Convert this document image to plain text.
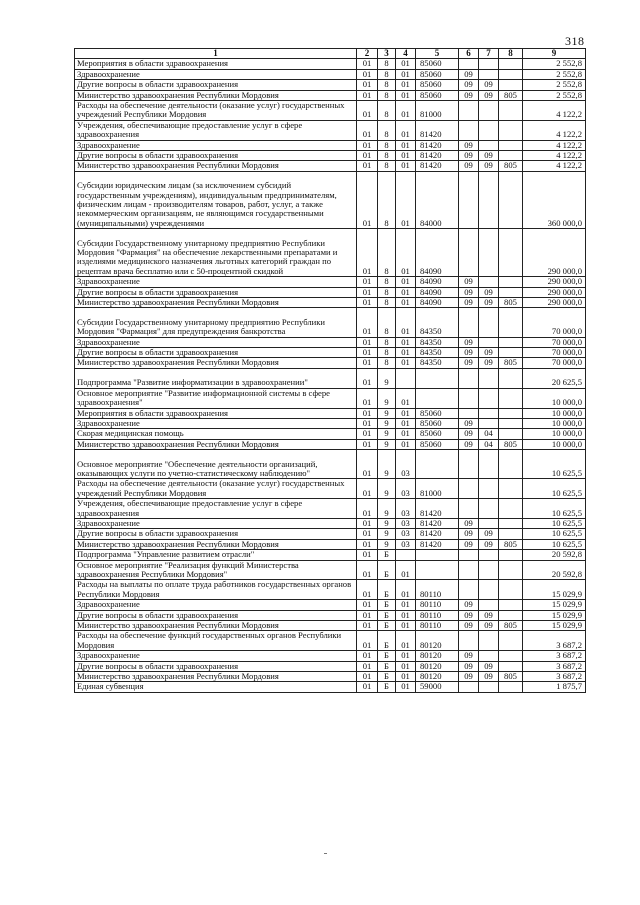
318
1	2	3	4	5	6	7	8	9
Мероприятия в области здравоохранения	01	8	01	85060				2 552,8
Здравоохранение	01	8	01	85060	09			2 552,8
Другие вопросы в области здравоохранения	01	8	01	85060	09	09		2 552,8
Министерство здравоохранения Республики Мордовия	01	8	01	85060	09	09	805	2 552,8
Расходы на обеспечение деятельности (оказание услуг) государственных учреждений Республики Мордовия	01	8	01	81000				4 122,2
Учреждения, обеспечивающие предоставление услуг в сфере здравоохранения	01	8	01	81420				4 122,2
Здравоохранение	01	8	01	81420	09			4 122,2
Другие вопросы в области здравоохранения	01	8	01	81420	09	09		4 122,2
Министерство здравоохранения Республики Мордовия	01	8	01	81420	09	09	805	4 122,2
Субсидии юридическим лицам (за исключением субсидий государственным учреждениям), индивидуальным предпринимателям, физическим лицам - производителям товаров, работ, услуг, а также некоммерческим организациям, не являющимся государственными (муниципальными) учреждениями	01	8	01	84000				360 000,0
Субсидии Государственному унитарному предприятию Республики Мордовия "Фармация" на обеспечение лекарственными препаратами и изделиями медицинского назначения льготных категорий граждан по рецептам врача бесплатно или с 50-процентной скидкой	01	8	01	84090				290 000,0
Здравоохранение	01	8	01	84090	09			290 000,0
Другие вопросы в области здравоохранения	01	8	01	84090	09	09		290 000,0
Министерство здравоохранения Республики Мордовия	01	8	01	84090	09	09	805	290 000,0
Субсидии Государственному унитарному предприятию Республики Мордовия "Фармация" для предупреждения банкротства	01	8	01	84350				70 000,0
Здравоохранение	01	8	01	84350	09			70 000,0
Другие вопросы в области здравоохранения	01	8	01	84350	09	09		70 000,0
Министерство здравоохранения Республики Мордовия	01	8	01	84350	09	09	805	70 000,0
Подпрограмма "Развитие информатизации в здравоохранении"	01	9						20 625,5
Основное мероприятие "Развитие информационной системы в сфере здравоохранения"	01	9	01					10 000,0
Мероприятия в области здравоохранения	01	9	01	85060				10 000,0
Здравоохранение	01	9	01	85060	09			10 000,0
Скорая медицинская помощь	01	9	01	85060	09	04		10 000,0
Министерство здравоохранения Республики Мордовия	01	9	01	85060	09	04	805	10 000,0
Основное мероприятие "Обеспечение деятельности организаций, оказывающих услуги по учетно-статистическому наблюдению"	01	9	03					10 625,5
Расходы на обеспечение деятельности (оказание услуг) государственных учреждений Республики Мордовия	01	9	03	81000				10 625,5
Учреждения, обеспечивающие предоставление услуг в сфере здравоохранения	01	9	03	81420				10 625,5
Здравоохранение	01	9	03	81420	09			10 625,5
Другие вопросы в области здравоохранения	01	9	03	81420	09	09		10 625,5
Министерство здравоохранения Республики Мордовия	01	9	03	81420	09	09	805	10 625,5
Подпрограмма "Управление развитием отрасли"	01	Б						20 592,8
Основное мероприятие "Реализация функций Министерства здравоохранения Республики Мордовия"	01	Б	01					20 592,8
Расходы на выплаты по оплате труда работников государственных органов Республики Мордовия	01	Б	01	80110				15 029,9
Здравоохранение	01	Б	01	80110	09			15 029,9
Другие вопросы в области здравоохранения	01	Б	01	80110	09	09		15 029,9
Министерство здравоохранения Республики Мордовия	01	Б	01	80110	09	09	805	15 029,9
Расходы на обеспечение функций государственных органов Республики Мордовия	01	Б	01	80120				3 687,2
Здравоохранение	01	Б	01	80120	09			3 687,2
Другие вопросы в области здравоохранения	01	Б	01	80120	09	09		3 687,2
Министерство здравоохранения Республики Мордовия	01	Б	01	80120	09	09	805	3 687,2
Единая субвенция	01	Б	01	59000				1 875,7
